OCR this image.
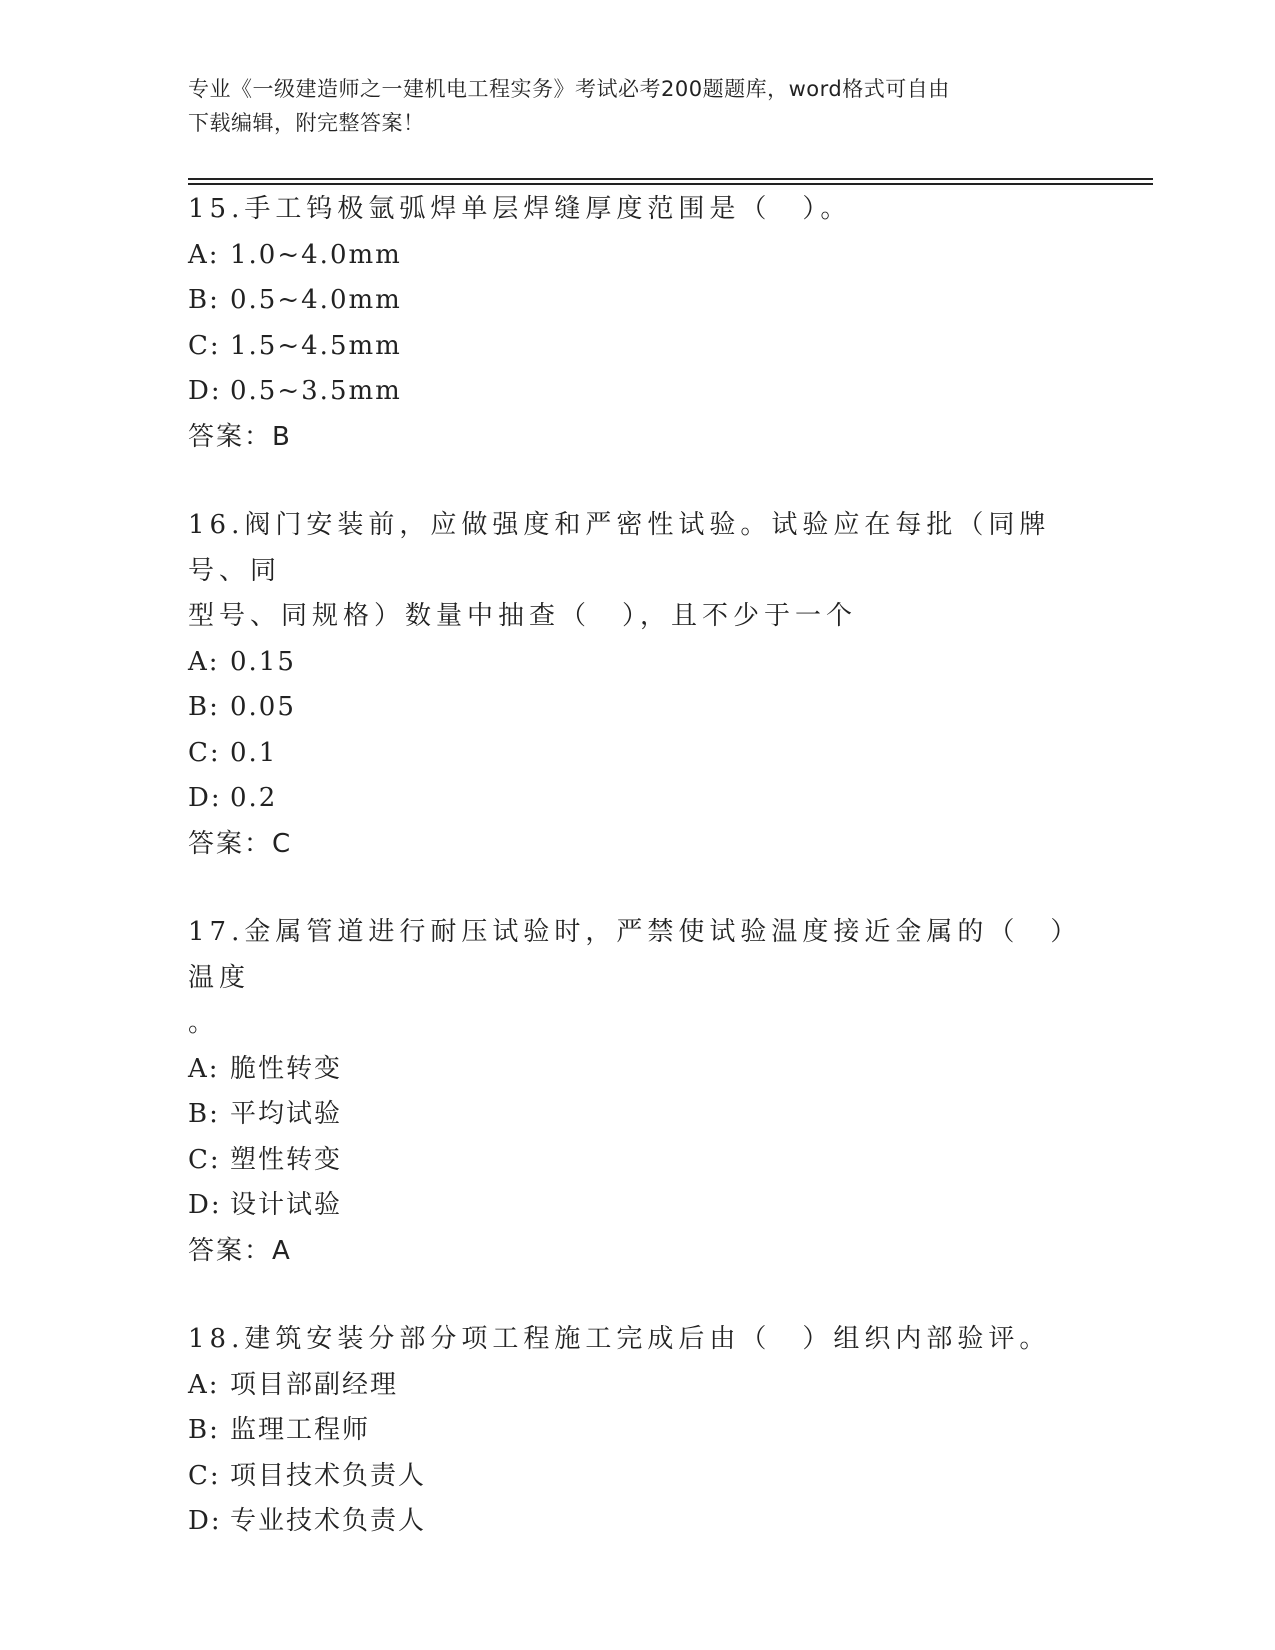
专业《一级建造师之一建机电工程实务》考试必考200题题库，word格式可自由
下载编辑，附完整答案！

15.手工钨极氩弧焊单层焊缝厚度范围是（　）。

A: 1.0~4.0mm

B: 0.5~4.0mm

C: 1.5~4.5mm

D: 0.5~3.5mm

答案：B

16.阀门安装前，应做强度和严密性试验。试验应在每批（同牌号、同

型号、同规格）数量中抽查（　），且不少于一个

A: 0.15

B: 0.05

C: 0.1

D: 0.2

答案：C

17.金属管道进行耐压试验时，严禁使试验温度接近金属的（　）温度

。

A: 脆性转变

B: 平均试验

C: 塑性转变

D: 设计试验

答案：A

18.建筑安装分部分项工程施工完成后由（　）组织内部验评。

A: 项目部副经理

B: 监理工程师

C: 项目技术负责人

D: 专业技术负责人
